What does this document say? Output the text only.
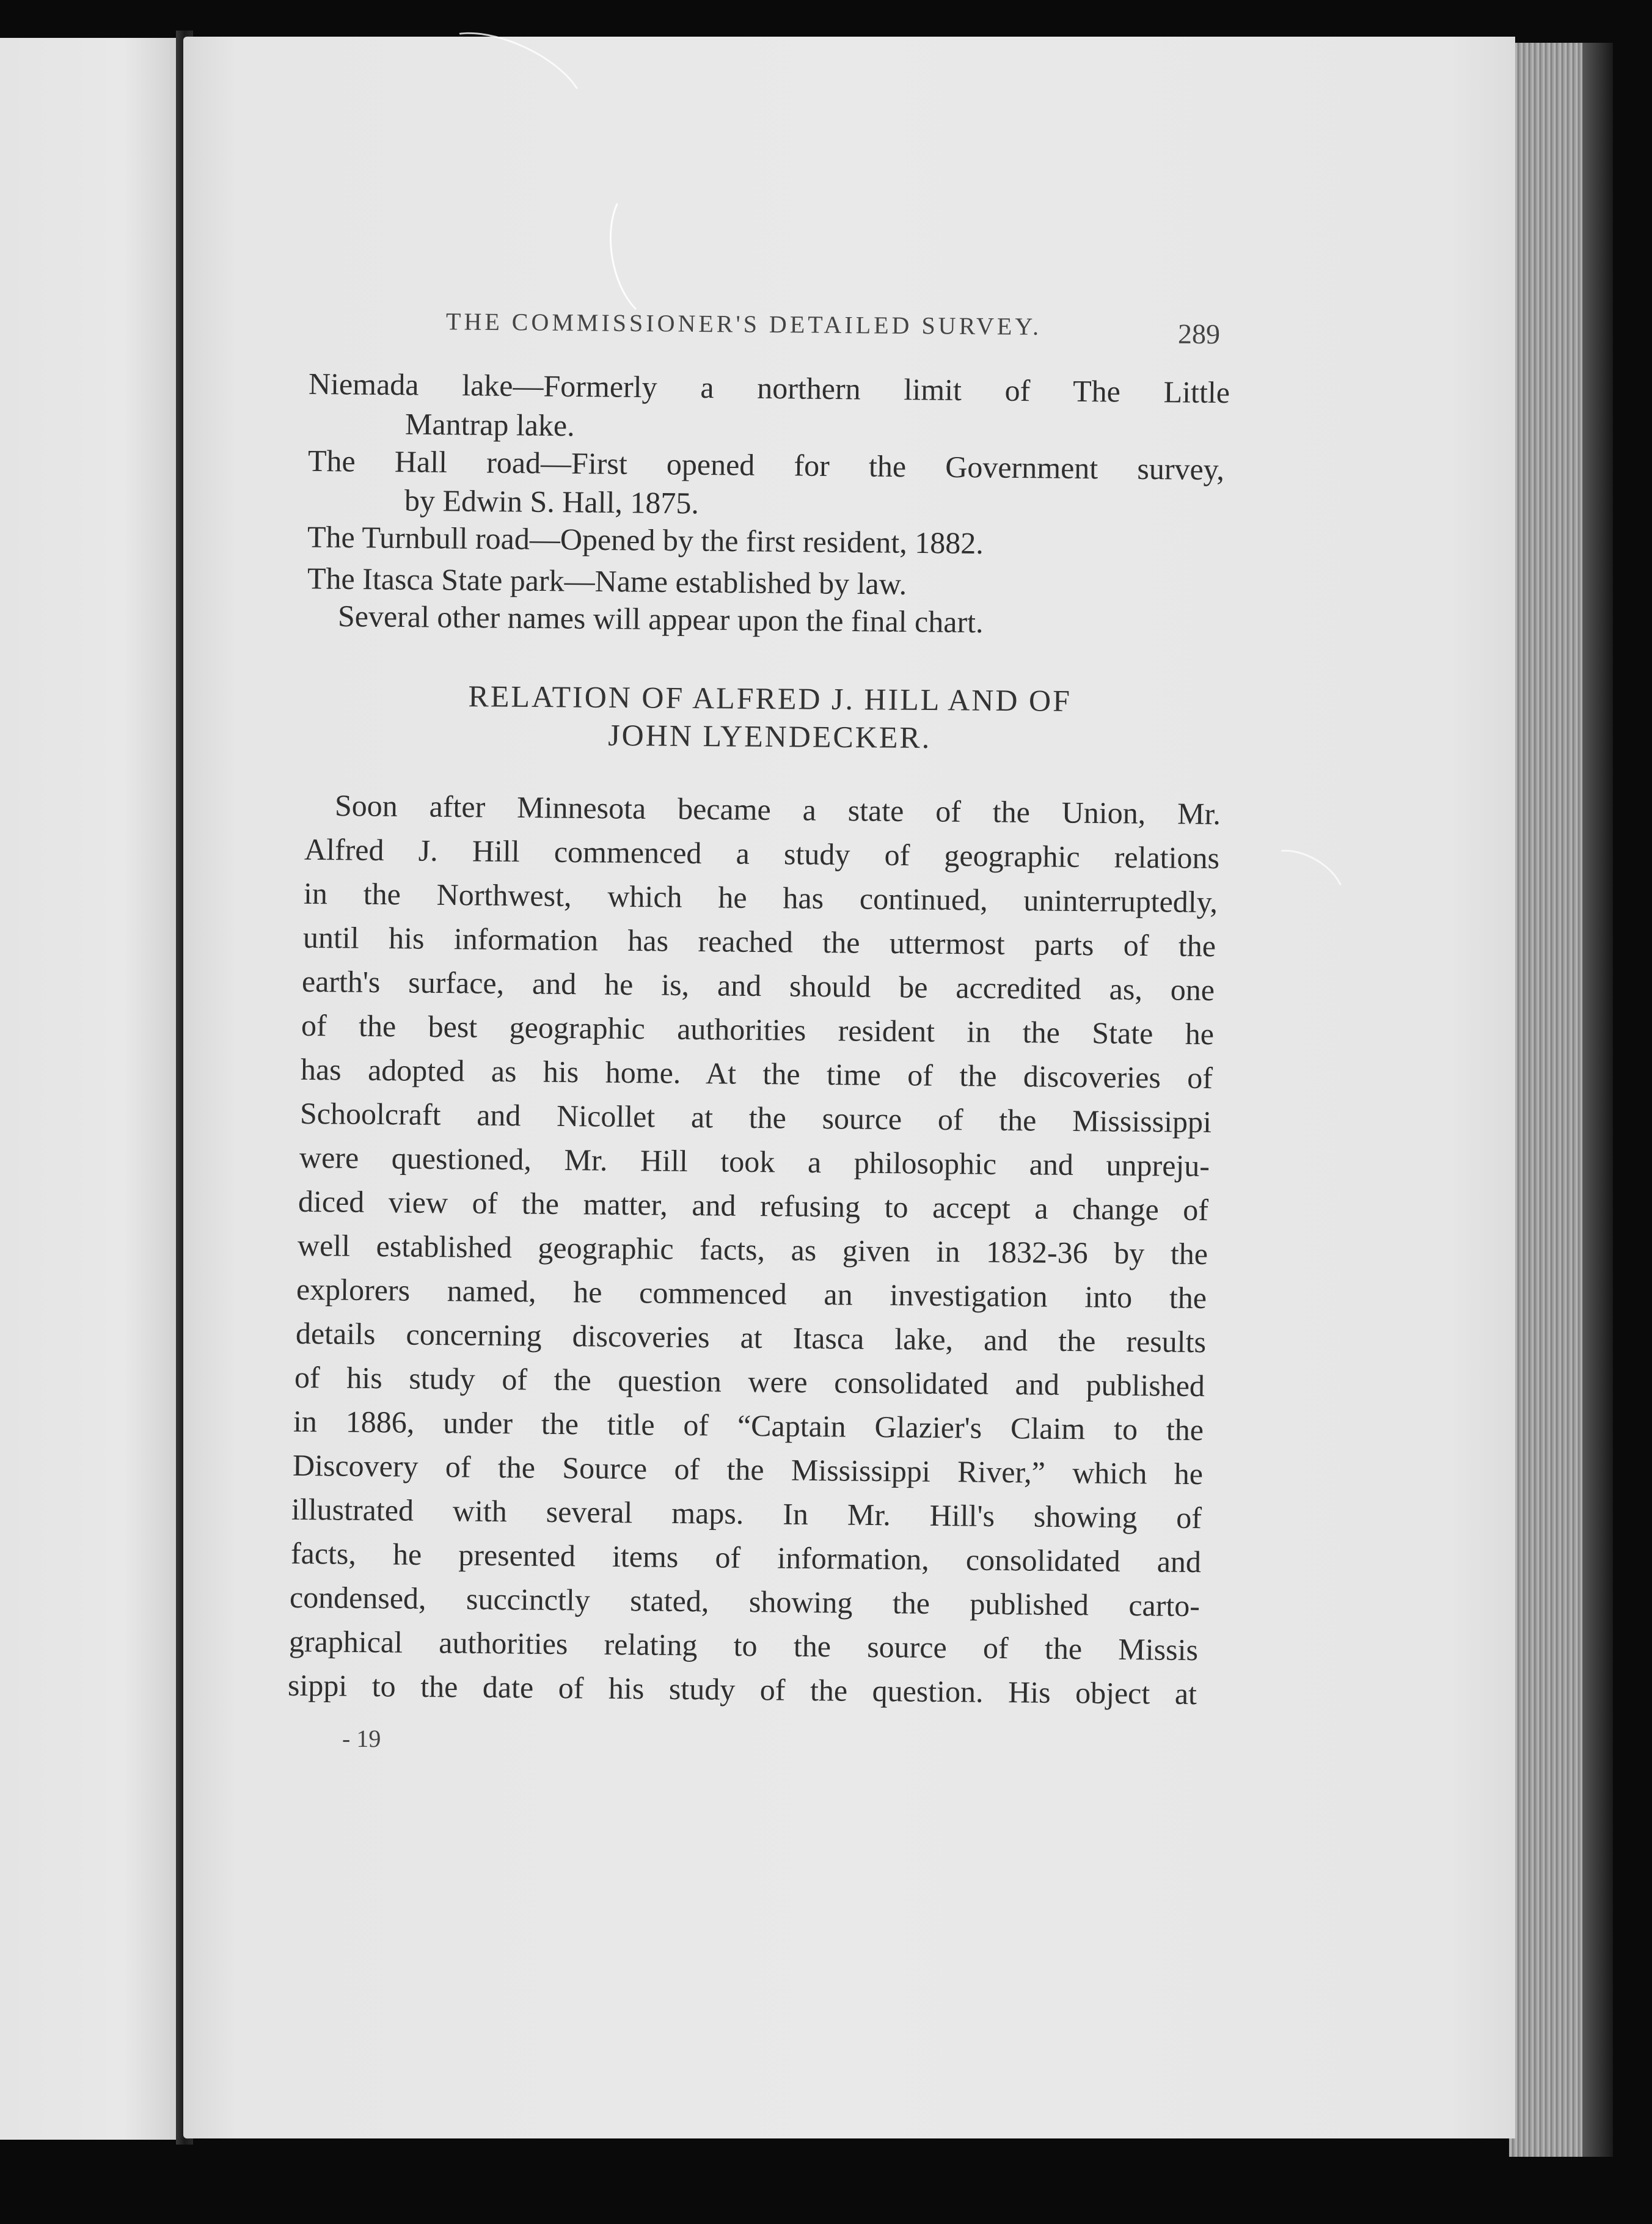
THE COMMISSIONER'S DETAILED SURVEY.	289
Niemada lake—Formerly a northern limit of The Little
Mantrap lake.
The Hall road—First opened for the Government survey,
by Edwin S. Hall, 1875.
The Turnbull road—Opened by the first resident, 1882.
The Itasca State park—Name established by law.
Several other names will appear upon the final chart.
RELATION OF ALFRED J. HILL AND OF
JOHN LYENDECKER.
Soon after Minnesota became a state of the Union, Mr.
Alfred J. Hill commenced a study of geographic relations
in the Northwest, which he has continued, uninterruptedly,
until his information has reached the uttermost parts of the
earth's surface, and he is, and should be accredited as, one
of the best geographic authorities resident in the State he
has adopted as his home. At the time of the discoveries of
Schoolcraft and Nicollet at the source of the Mississippi
were questioned, Mr. Hill took a philosophic and unpreju-
diced view of the matter, and refusing to accept a change of
well established geographic facts, as given in 1832-36 by the
explorers named, he commenced an investigation into the
details concerning discoveries at Itasca lake, and the results
of his study of the question were consolidated and published
in 1886, under the title of “Captain Glazier's Claim to the
Discovery of the Source of the Mississippi River,” which he
illustrated with several maps. In Mr. Hill's showing of
facts, he presented items of information, consolidated and
condensed, succinctly stated, showing the published carto-
graphical authorities relating to the source of the Missis
sippi to the date of his study of the question. His object at
- 19
